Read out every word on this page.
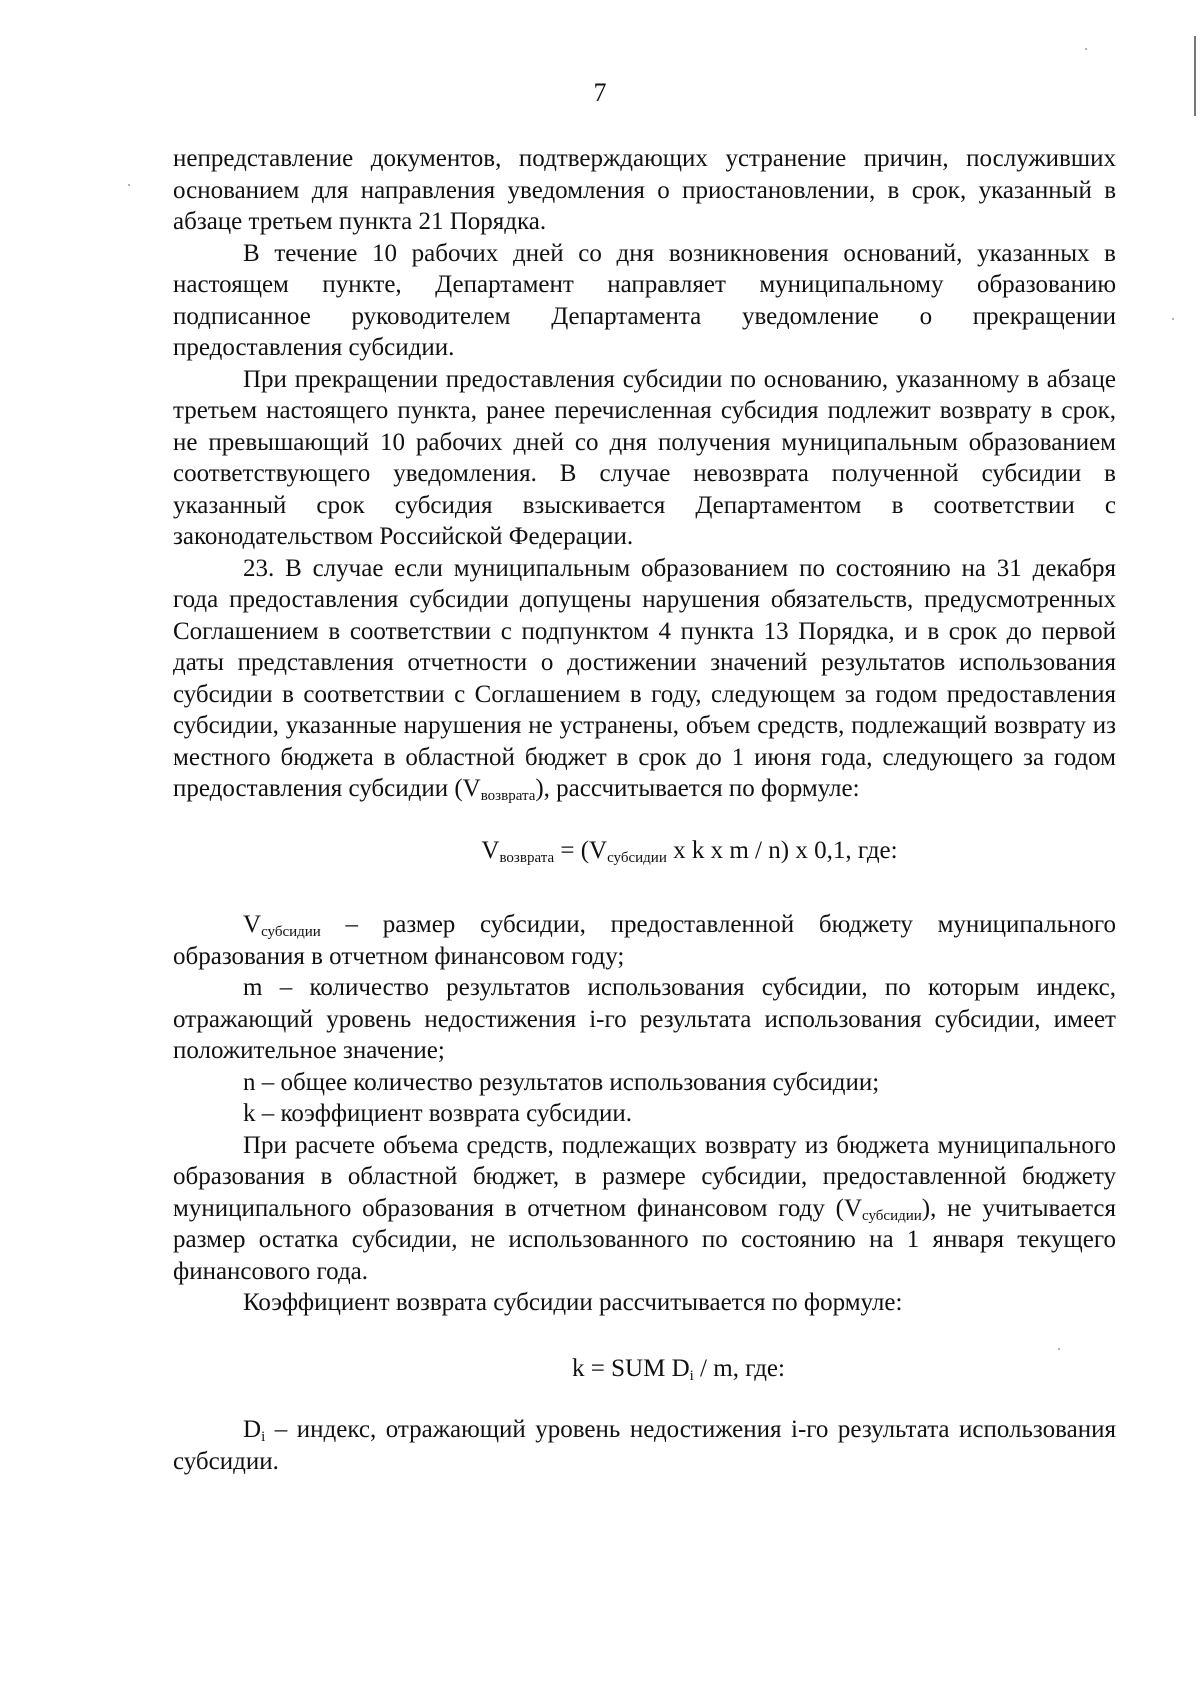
7

непредставление документов, подтверждающих устранение причин, послуживших основанием для направления уведомления о приостановлении, в срок, указанный в абзаце третьем пункта 21 Порядка.

В течение 10 рабочих дней со дня возникновения оснований, указанных в настоящем пункте, Департамент направляет муниципальному образованию подписанное руководителем Департамента уведомление о прекращении предоставления субсидии.

При прекращении предоставления субсидии по основанию, указанному в абзаце третьем настоящего пункта, ранее перечисленная субсидия подлежит возврату в срок, не превышающий 10 рабочих дней со дня получения муниципальным образованием соответствующего уведомления. В случае невозврата полученной субсидии в указанный срок субсидия взыскивается Департаментом в соответствии с законодательством Российской Федерации.

23. В случае если муниципальным образованием по состоянию на 31 декабря года предоставления субсидии допущены нарушения обязательств, предусмотренных Соглашением в соответствии с подпунктом 4 пункта 13 Порядка, и в срок до первой даты представления отчетности о достижении значений результатов использования субсидии в соответствии с Соглашением в году, следующем за годом предоставления субсидии, указанные нарушения не устранены, объем средств, подлежащий возврату из местного бюджета в областной бюджет в срок до 1 июня года, следующего за годом предоставления субсидии $(V_{возврата})$, рассчитывается по формуле:

$V_{возврата} = (V_{субсидии}$ x k x m / n) x 0,1, где:

$V_{субсидии}$ – размер субсидии, предоставленной бюджету муниципального образования в отчетном финансовом году;

m – количество результатов использования субсидии, по которым индекс, отражающий уровень недостижения i-го результата использования субсидии, имеет положительное значение;

n – общее количество результатов использования субсидии;

k – коэффициент возврата субсидии.

При расчете объема средств, подлежащих возврату из бюджета муниципального образования в областной бюджет, в размере субсидии, предоставленной бюджету муниципального образования в отчетном финансовом году $(V_{субсидии})$, не учитывается размер остатка субсидии, не использованного по состоянию на 1 января текущего финансового года.

Коэффициент возврата субсидии рассчитывается по формуле:

k = SUM $D_i$ / m, где:

$D_i$ – индекс, отражающий уровень недостижения i-го результата использования субсидии.
